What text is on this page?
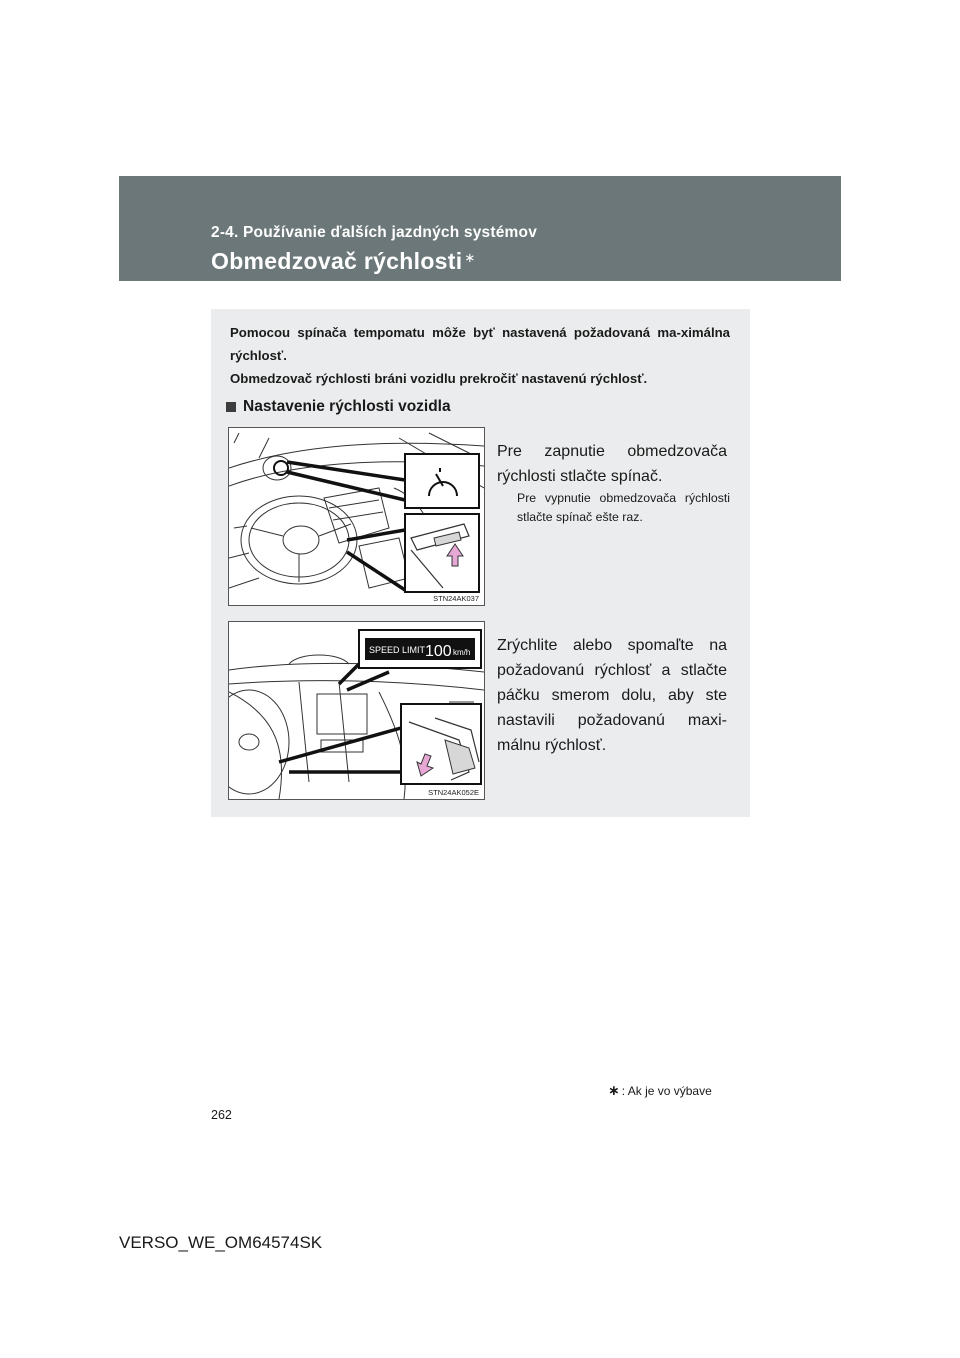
2-4. Používanie ďalších jazdných systémov
Obmedzovač rýchlosti ∗

Pomocou spínača tempomatu môže byť nastavená požadovaná ma-ximálna rýchlosť.

Obmedzovač rýchlosti bráni vozidlu prekročiť nastavenú rýchlosť.

Nastavenie rýchlosti vozidla
STN24AK037

Pre zapnutie obmedzovača rýchlosti stlačte spínač.

Pre vypnutie obmedzovača rýchlosti stlačte spínač ešte raz.

SPEED LIMIT 100 km/h
STN24AK052E

Zrýchlite alebo spomaľte na požadovanú rýchlosť a stlačte páčku smerom dolu, aby ste nastavili požadovanú maxi-málnu rýchlosť.

∗ : Ak je vo výbave

262

VERSO_WE_OM64574SK
